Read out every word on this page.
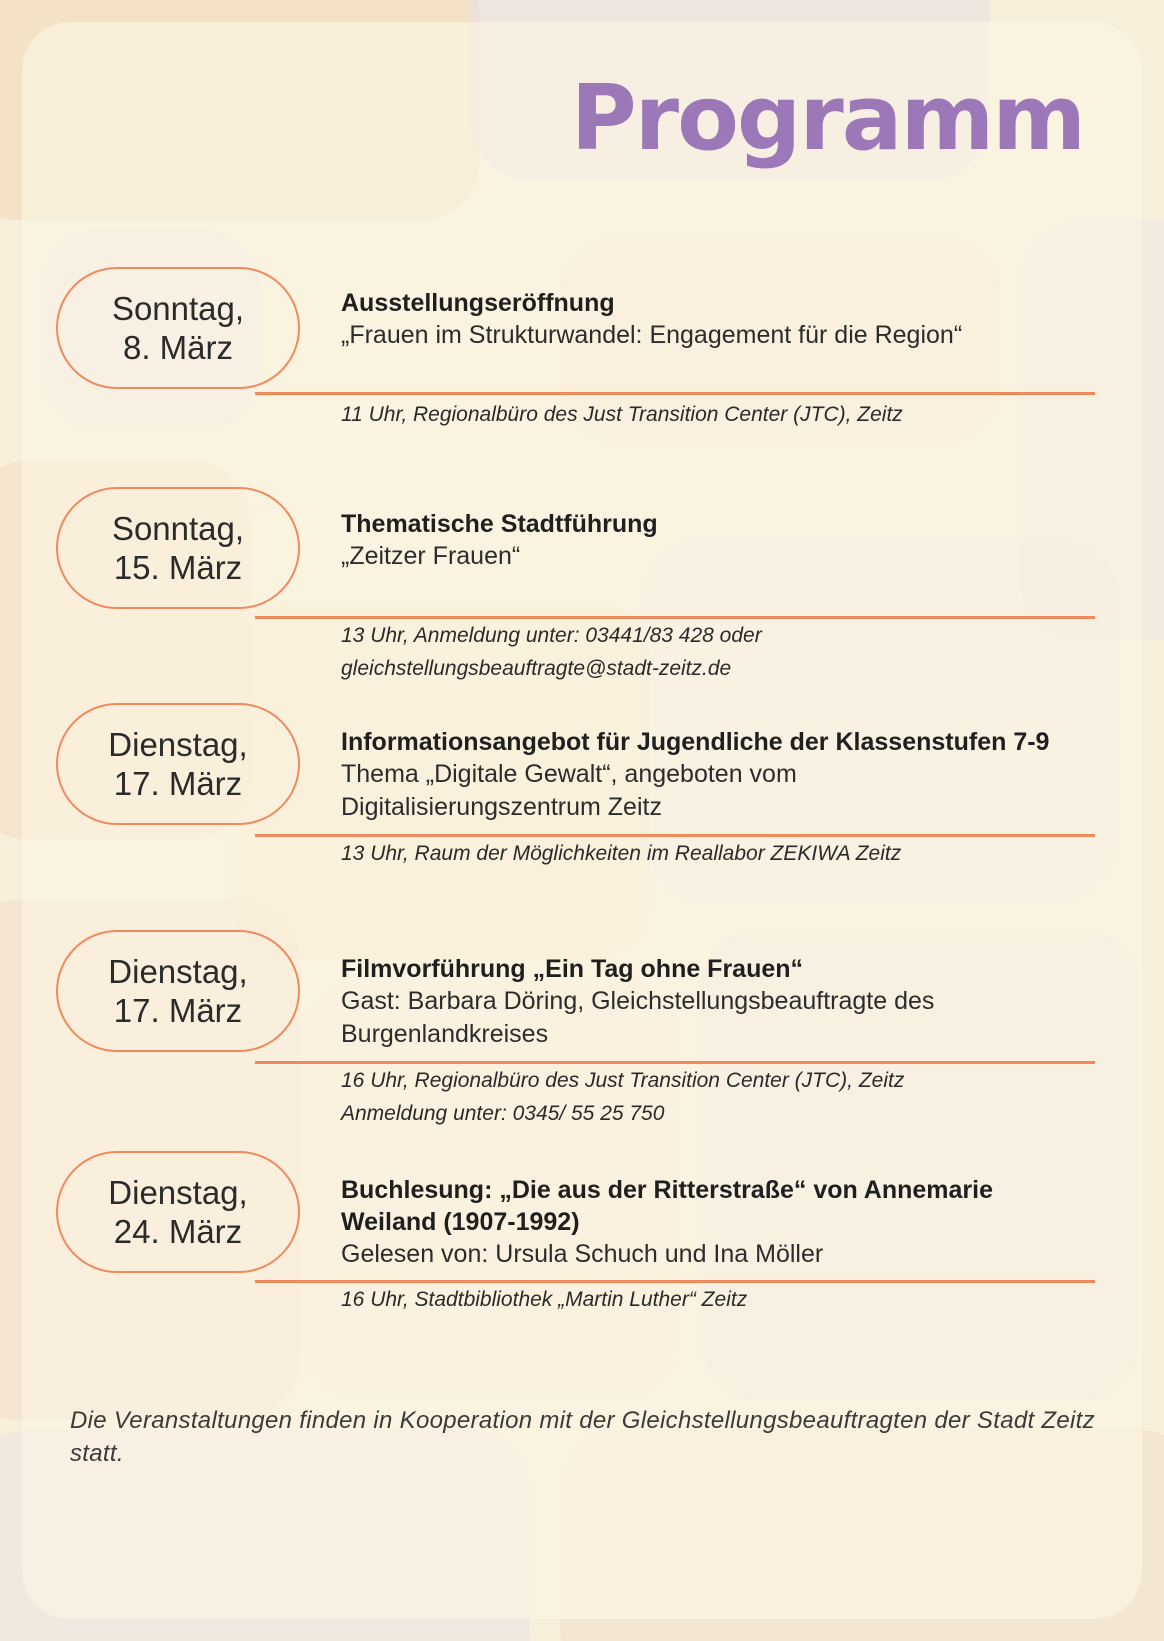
Programm
Sonntag,
8. März
Ausstellungseröffnung
„Frauen im Strukturwandel: Engagement für die Region“
11 Uhr, Regionalbüro des Just Transition Center (JTC), Zeitz
Sonntag,
15. März
Thematische Stadtführung
„Zeitzer Frauen“
13 Uhr, Anmeldung unter: 03441/83 428 oder
gleichstellungsbeauftragte@stadt-zeitz.de
Dienstag,
17. März
Informationsangebot für Jugendliche der Klassenstufen 7-9
Thema „Digitale Gewalt“, angeboten vom
Digitalisierungszentrum Zeitz
13 Uhr, Raum der Möglichkeiten im Reallabor ZEKIWA Zeitz
Dienstag,
17. März
Filmvorführung „Ein Tag ohne Frauen“
Gast: Barbara Döring, Gleichstellungsbeauftragte des
Burgenlandkreises
16 Uhr, Regionalbüro des Just Transition Center (JTC), Zeitz
Anmeldung unter: 0345/ 55 25 750
Dienstag,
24. März
Buchlesung: „Die aus der Ritterstraße“ von Annemarie Weiland (1907-1992)
Gelesen von: Ursula Schuch und Ina Möller
16 Uhr, Stadtbibliothek „Martin Luther“ Zeitz
Die Veranstaltungen finden in Kooperation mit der Gleichstellungsbeauftragten der Stadt Zeitz statt.
